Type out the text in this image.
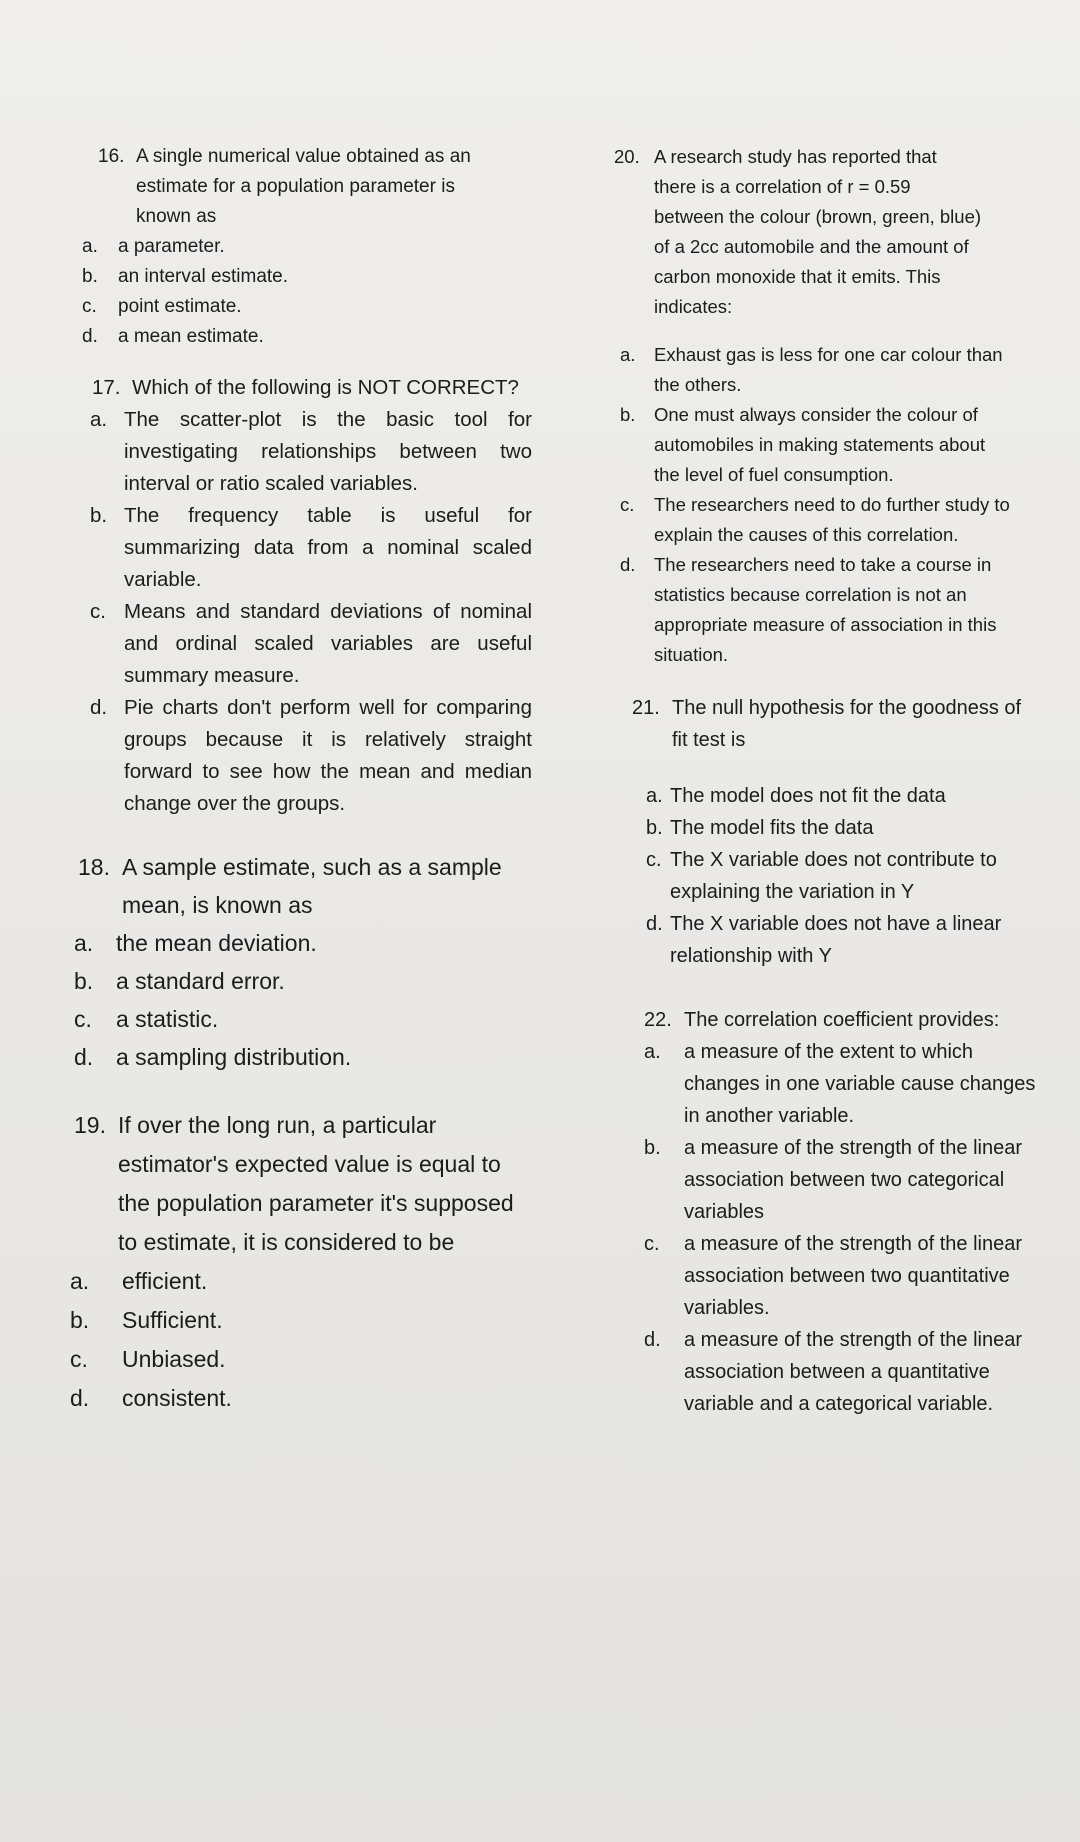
16. A single numerical value obtained as an estimate for a population parameter is known as
a.	a parameter.
b.	an interval estimate.
c.	point estimate.
d.	a mean estimate.
17. Which of the following is NOT CORRECT?
a. The scatter-plot is the basic tool for investigating relationships between two interval or ratio scaled variables.
b. The frequency table is useful for summarizing data from a nominal scaled variable.
c. Means and standard deviations of nominal and ordinal scaled variables are useful summary measure.
d. Pie charts don't perform well for comparing groups because it is relatively straight forward to see how the mean and median change over the groups.
18. A sample estimate, such as a sample mean, is known as
a. the mean deviation.
b. a standard error.
c.	a statistic.
d. a sampling distribution.
19. If over the long run, a particular estimator's expected value is equal to the population parameter it's supposed to estimate, it is considered to be
a.	efficient.
b.	Sufficient.
c.	Unbiased.
d.	consistent.
20. A research study has reported that there is a correlation of r = 0.59 between the colour (brown, green, blue) of a 2cc automobile and the amount of carbon monoxide that it emits. This indicates:
a.	Exhaust gas is less for one car colour than the others.
b.	One must always consider the colour of automobiles in making statements about the level of fuel consumption.
c.	The researchers need to do further study to explain the causes of this correlation.
d.	The researchers need to take a course in statistics because correlation is not an appropriate measure of association in this situation.
21. The null hypothesis for the goodness of fit test is
a. The model does not fit the data
b. The model fits the data
c. The X variable does not contribute to explaining the variation in Y
d. The X variable does not have a linear relationship with Y
22. The correlation coefficient provides:
a.	a measure of the extent to which changes in one variable cause changes in another variable.
b.	a measure of the strength of the linear association between two categorical variables
c.	a measure of the strength of the linear association between two quantitative variables.
d.	a measure of the strength of the linear association between a quantitative variable and a categorical variable.
